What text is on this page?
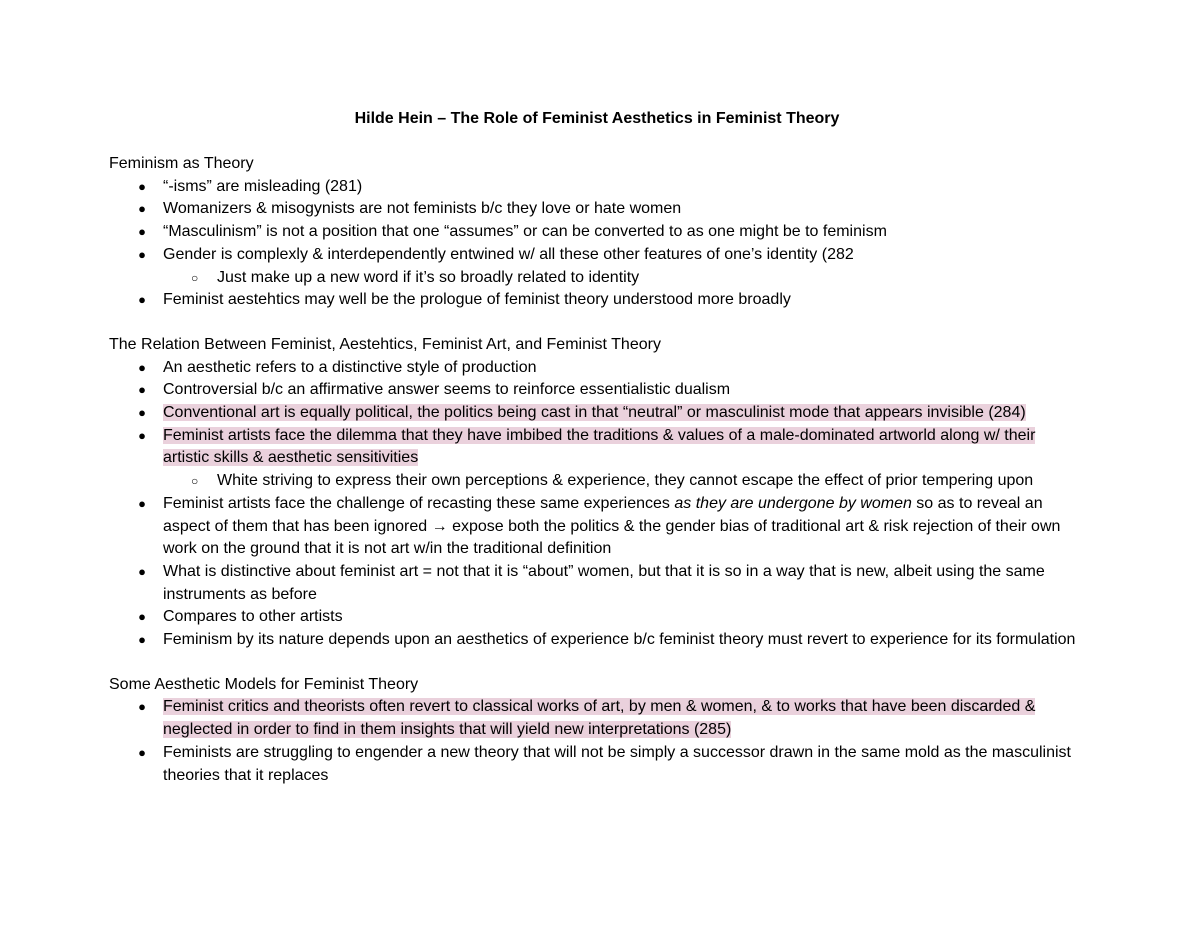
Hilde Hein – The Role of Feminist Aesthetics in Feminist Theory
Feminism as Theory
● “-isms” are misleading (281)
● Womanizers & misogynists are not feminists b/c they love or hate women
● “Masculinism” is not a position that one “assumes” or can be converted to as one might be to feminism
● Gender is complexly & interdependently entwined w/ all these other features of one’s identity (282
○ Just make up a new word if it’s so broadly related to identity
● Feminist aestehtics may well be the prologue of feminist theory understood more broadly
The Relation Between Feminist, Aestehtics, Feminist Art, and Feminist Theory
● An aesthetic refers to a distinctive style of production
● Controversial b/c an affirmative answer seems to reinforce essentialistic dualism
● Conventional art is equally political, the politics being cast in that “neutral” or masculinist mode that appears invisible (284)
● Feminist artists face the dilemma that they have imbibed the traditions & values of a male-dominated artworld along w/ their artistic skills & aesthetic sensitivities
○ White striving to express their own perceptions & experience, they cannot escape the effect of prior tempering upon
● Feminist artists face the challenge of recasting these same experiences as they are undergone by women so as to reveal an aspect of them that has been ignored → expose both the politics & the gender bias of traditional art & risk rejection of their own work on the ground that it is not art w/in the traditional definition
● What is distinctive about feminist art = not that it is “about” women, but that it is so in a way that is new, albeit using the same instruments as before
● Compares to other artists
● Feminism by its nature depends upon an aesthetics of experience b/c feminist theory must revert to experience for its formulation
Some Aesthetic Models for Feminist Theory
● Feminist critics and theorists often revert to classical works of art, by men & women, & to works that have been discarded & neglected in order to find in them insights that will yield new interpretations (285)
● Feminists are struggling to engender a new theory that will not be simply a successor drawn in the same mold as the masculinist theories that it replaces
